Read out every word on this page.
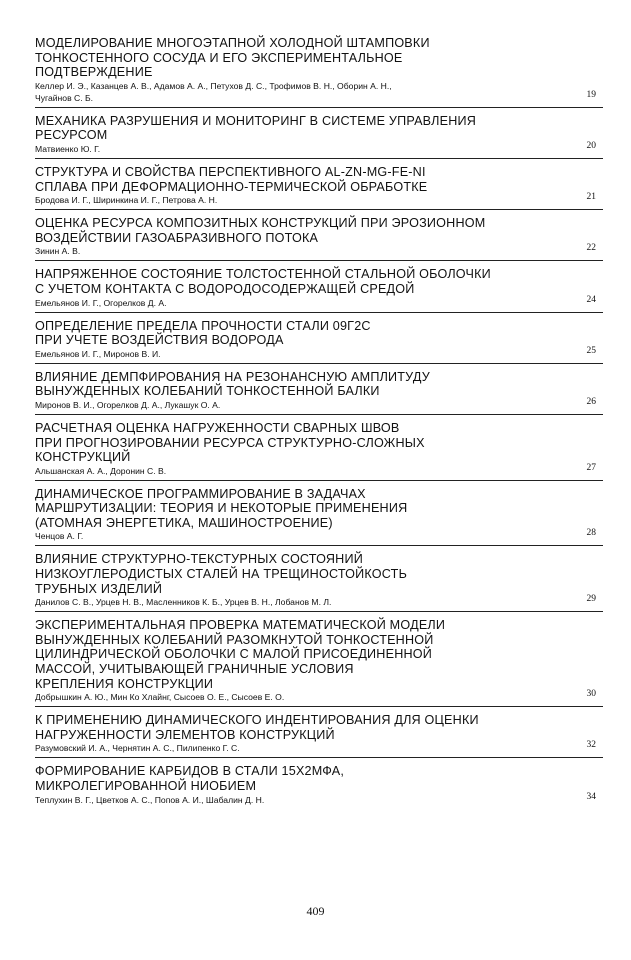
МОДЕЛИРОВАНИЕ МНОГОЭТАПНОЙ ХОЛОДНОЙ ШТАМПОВКИ
ТОНКОСТЕННОГО СОСУДА И ЕГО ЭКСПЕРИМЕНТАЛЬНОЕ
ПОДТВЕРЖДЕНИЕ
Келлер И. Э., Казанцев А. В., Адамов А. А., Петухов Д. С., Трофимов В. Н., Оборин А. Н.,
Чугайнов С. Б.	19
МЕХАНИКА РАЗРУШЕНИЯ И МОНИТОРИНГ В СИСТЕМЕ УПРАВЛЕНИЯ
РЕСУРСОМ
Матвиенко Ю. Г.	20
СТРУКТУРА И СВОЙСТВА ПЕРСПЕКТИВНОГО AL-ZN-MG-FE-NI
СПЛАВА ПРИ ДЕФОРМАЦИОННО-ТЕРМИЧЕСКОЙ ОБРАБОТКЕ
Бродова И. Г., Ширинкина И. Г., Петрова А. Н.	21
ОЦЕНКА РЕСУРСА КОМПОЗИТНЫХ КОНСТРУКЦИЙ ПРИ ЭРОЗИОННОМ
ВОЗДЕЙСТВИИ ГАЗОАБРАЗИВНОГО ПОТОКА
Зинин А. В.	22
НАПРЯЖЕННОЕ СОСТОЯНИЕ ТОЛСТОСТЕННОЙ СТАЛЬНОЙ ОБОЛОЧКИ
С УЧЕТОМ КОНТАКТА С ВОДОРОДОСОДЕРЖАЩЕЙ СРЕДОЙ
Емельянов И. Г., Огорелков Д. А.	24
ОПРЕДЕЛЕНИЕ ПРЕДЕЛА ПРОЧНОСТИ СТАЛИ 09Г2С
ПРИ УЧЕТЕ ВОЗДЕЙСТВИЯ ВОДОРОДА
Емельянов И. Г., Миронов В. И.	25
ВЛИЯНИЕ ДЕМПФИРОВАНИЯ НА РЕЗОНАНСНУЮ АМПЛИТУДУ
ВЫНУЖДЕННЫХ КОЛЕБАНИЙ ТОНКОСТЕННОЙ БАЛКИ
Миронов В. И., Огорелков Д. А., Лукашук О. А.	26
РАСЧЕТНАЯ ОЦЕНКА НАГРУЖЕННОСТИ СВАРНЫХ ШВОВ
ПРИ ПРОГНОЗИРОВАНИИ РЕСУРСА СТРУКТУРНО-СЛОЖНЫХ
КОНСТРУКЦИЙ
Альшанская А. А., Доронин С. В.	27
ДИНАМИЧЕСКОЕ ПРОГРАММИРОВАНИЕ В ЗАДАЧАХ
МАРШРУТИЗАЦИИ: ТЕОРИЯ И НЕКОТОРЫЕ ПРИМЕНЕНИЯ
(АТОМНАЯ ЭНЕРГЕТИКА, МАШИНОСТРОЕНИЕ)
Ченцов А. Г.	28
ВЛИЯНИЕ СТРУКТУРНО-ТЕКСТУРНЫХ СОСТОЯНИЙ
НИЗКОУГЛЕРОДИСТЫХ СТАЛЕЙ НА ТРЕЩИНОСТОЙКОСТЬ
ТРУБНЫХ ИЗДЕЛИЙ
Данилов С. В., Урцев Н. В., Масленников К. Б., Урцев В. Н., Лобанов М. Л.	29
ЭКСПЕРИМЕНТАЛЬНАЯ ПРОВЕРКА МАТЕМАТИЧЕСКОЙ МОДЕЛИ
ВЫНУЖДЕННЫХ КОЛЕБАНИЙ РАЗОМКНУТОЙ ТОНКОСТЕННОЙ
ЦИЛИНДРИЧЕСКОЙ ОБОЛОЧКИ С МАЛОЙ ПРИСОЕДИНЕННОЙ
МАССОЙ, УЧИТЫВАЮЩЕЙ ГРАНИЧНЫЕ УСЛОВИЯ
КРЕПЛЕНИЯ КОНСТРУКЦИИ
Добрышкин А. Ю., Мин Ко Хлайнг, Сысоев О. Е., Сысоев Е. О.	30
К ПРИМЕНЕНИЮ ДИНАМИЧЕСКОГО ИНДЕНТИРОВАНИЯ ДЛЯ ОЦЕНКИ
НАГРУЖЕННОСТИ ЭЛЕМЕНТОВ КОНСТРУКЦИЙ
Разумовский И. А., Чернятин А. С., Пилипенко Г. С.	32
ФОРМИРОВАНИЕ КАРБИДОВ В СТАЛИ 15Х2МФА,
МИКРОЛЕГИРОВАННОЙ НИОБИЕМ
Теплухин В. Г., Цветков А. С., Попов А. И., Шабалин Д. Н.	34
409
